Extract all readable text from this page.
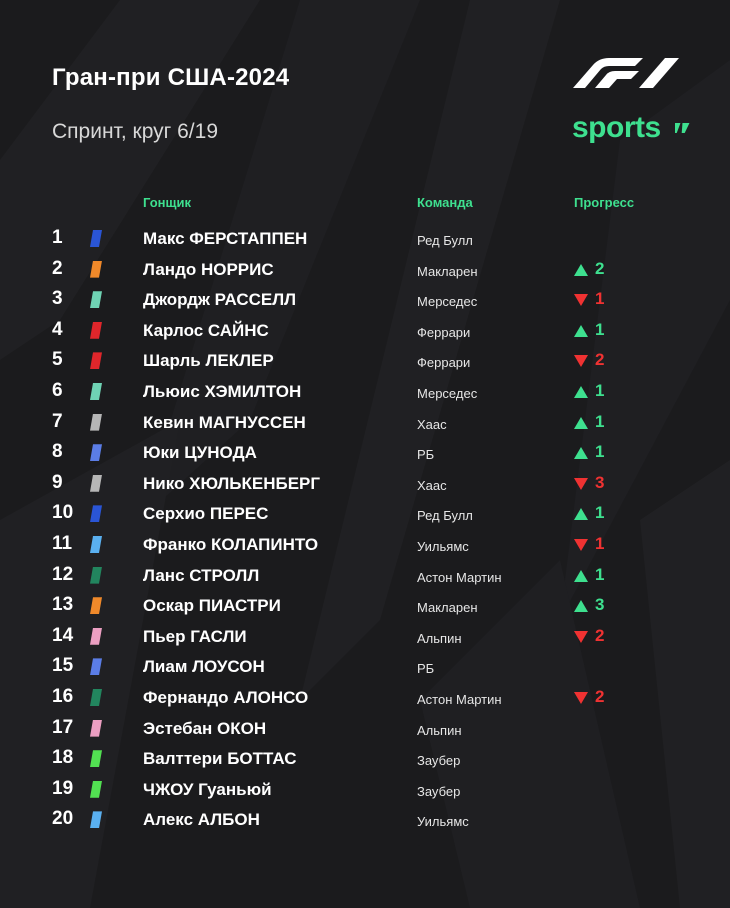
Гран-при США-2024
Спринт, круг 6/19	sports
Гонщик	Команда	Прогресс
1	Макс ФЕРСТАППЕН	Ред Булл
2	Ландо НОРРИС	Макларен	2
3	Джордж РАССЕЛЛ	Мерседес	1
4	Карлос САЙНС	Феррари	1
5	Шарль ЛЕКЛЕР	Феррари	2
6	Льюис ХЭМИЛТОН	Мерседес	1
7	Кевин МАГНУССЕН	Хаас	1
8	Юки ЦУНОДА	РБ	1
9	Нико ХЮЛЬКЕНБЕРГ	Хаас	3
10	Серхио ПЕРЕС	Ред Булл	1
11	Франко КОЛАПИНТО	Уильямс	1
12	Ланс СТРОЛЛ	Астон Мартин	1
13	Оскар ПИАСТРИ	Макларен	3
14	Пьер ГАСЛИ	Альпин	2
15	Лиам ЛОУСОН	РБ
16	Фернандо АЛОНСО	Астон Мартин	2
17	Эстебан ОКОН	Альпин
18	Валттери БОТТАС	Заубер
19	ЧЖОУ Гуаньюй	Заубер
20	Алекс АЛБОН	Уильямс
